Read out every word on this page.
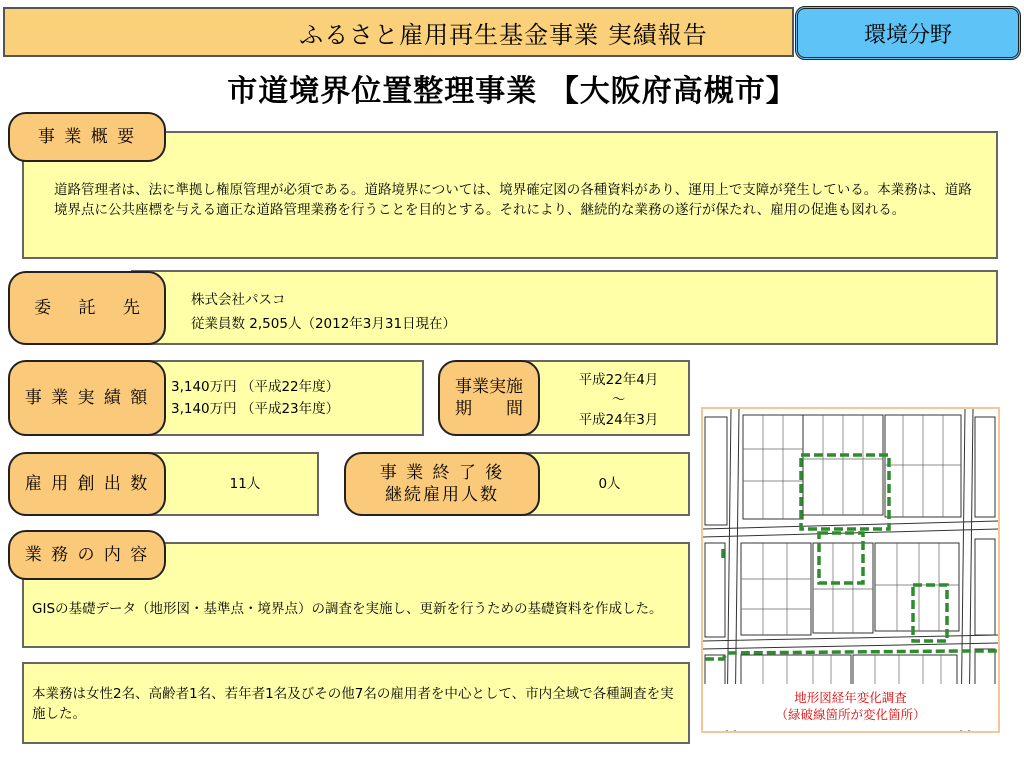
ふるさと雇用再生基金事業 実績報告	環境分野
市道境界位置整理事業 【大阪府高槻市】
道路管理者は、法に準拠し権原管理が必須である。道路境界については、境界確定図の各種資料があり、運用上で支障が発生している。本業務は、道路境界点に公共座標を与える適正な道路管理業務を行うことを目的とする。それにより、継続的な業務の遂行が保たれ、雇用の促進も図れる。
事 業 概 要
株式会社パスコ
従業員数 2,505人（2012年3月31日現在）
委 託 先
3,140万円 （平成22年度）
3,140万円 （平成23年度）
事 業 実 績 額
平成22年4月
～
平成24年3月
事業実施
期　　間
11人
雇 用 創 出 数	0人
事 業 終 了 後
継続雇用人数
GISの基礎データ（地形図・基準点・境界点）の調査を実施し、更新を行うための基礎資料を作成した。
業 務 の 内 容
本業務は女性2名、高齢者1名、若年者1名及びその他7名の雇用者を中心として、市内全域で各種調査を実施した。
地形図経年変化調査
（緑破線箇所が変化箇所）
